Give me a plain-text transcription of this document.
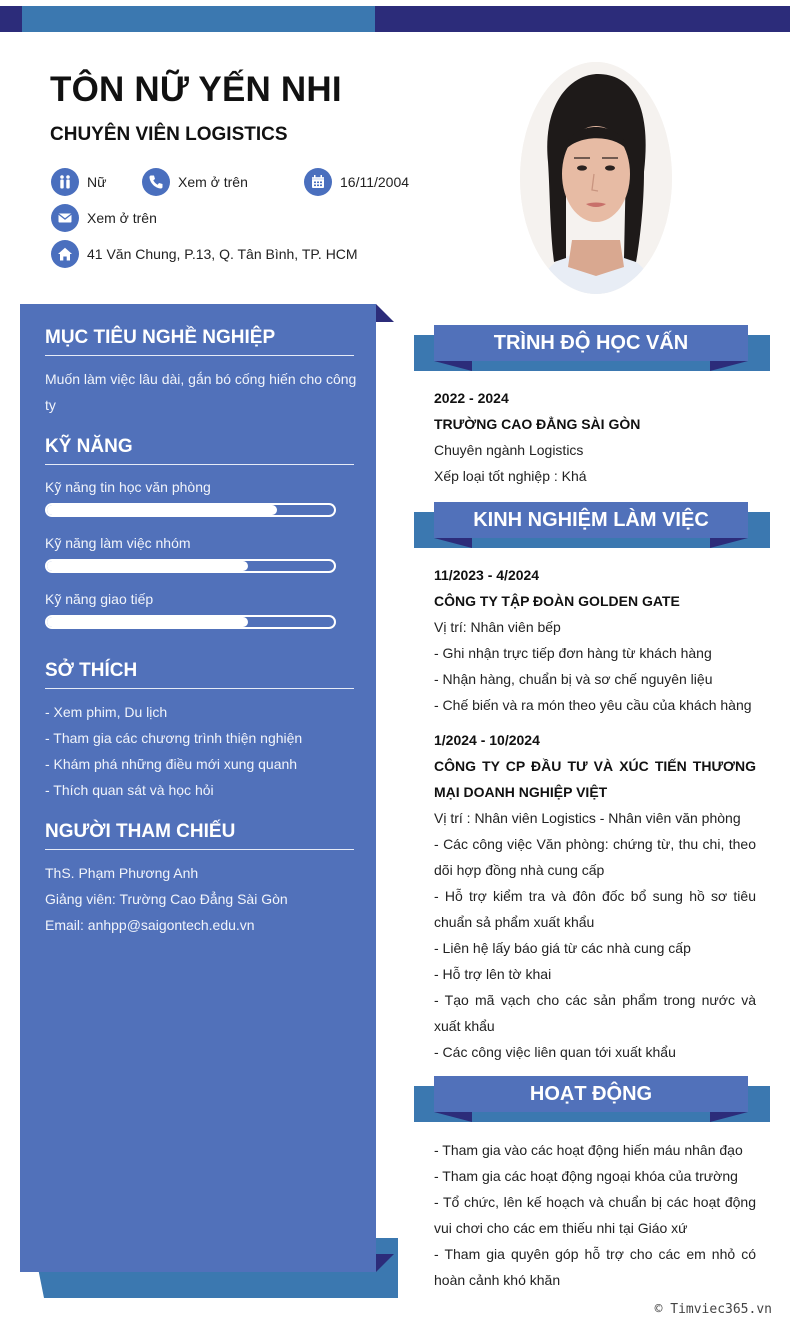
TÔN NỮ YẾN NHI
CHUYÊN VIÊN LOGISTICS
Nữ	Xem ở trên	16/11/2004
Xem ở trên
41 Văn Chung, P.13, Q. Tân Bình, TP. HCM
MỤC TIÊU NGHỀ NGHIỆP
Muốn làm việc lâu dài, gắn bó cống hiến cho công ty
KỸ NĂNG
Kỹ năng tin học văn phòng
Kỹ năng làm việc nhóm
Kỹ năng giao tiếp
SỞ THÍCH
- Xem phim, Du lịch
- Tham gia các chương trình thiện nghiện
- Khám phá những điều mới xung quanh
- Thích quan sát và học hỏi
NGƯỜI THAM CHIẾU
ThS. Phạm Phương Anh
Giảng viên: Trường Cao Đẳng Sài Gòn
Email: anhpp@saigontech.edu.vn
TRÌNH ĐỘ HỌC VẤN
2022 - 2024
TRƯỜNG CAO ĐẲNG SÀI GÒN
Chuyên ngành Logistics
Xếp loại tốt nghiệp : Khá
KINH NGHIỆM LÀM VIỆC
11/2023 - 4/2024
CÔNG TY TẬP ĐOÀN GOLDEN GATE
Vị trí: Nhân viên bếp
- Ghi nhận trực tiếp đơn hàng từ khách hàng
- Nhận hàng, chuẩn bị và sơ chế nguyên liệu
- Chế biến và ra món theo yêu cầu của khách hàng
1/2024 - 10/2024
CÔNG TY CP ĐẦU TƯ VÀ XÚC TIẾN THƯƠNG MẠI DOANH NGHIỆP VIỆT
Vị trí : Nhân viên Logistics - Nhân viên văn phòng
- Các công việc Văn phòng: chứng từ, thu chi, theo dõi hợp đồng nhà cung cấp
- Hỗ trợ kiểm tra và đôn đốc bổ sung hồ sơ tiêu chuẩn sả phẩm xuất khẩu
- Liên hệ lấy báo giá từ các nhà cung cấp
- Hỗ trợ lên tờ khai
- Tạo mã vạch cho các sản phẩm trong nước và xuất khẩu
- Các công việc liên quan tới xuất khẩu
HOẠT ĐỘNG
- Tham gia vào các hoạt động hiến máu nhân đạo
- Tham gia các hoạt động ngoại khóa của trường
- Tổ chức, lên kế hoạch và chuẩn bị các hoạt động vui chơi cho các em thiếu nhi tại Giáo xứ
- Tham gia quyên góp hỗ trợ cho các em nhỏ có hoàn cảnh khó khăn
© Timviec365.vn
